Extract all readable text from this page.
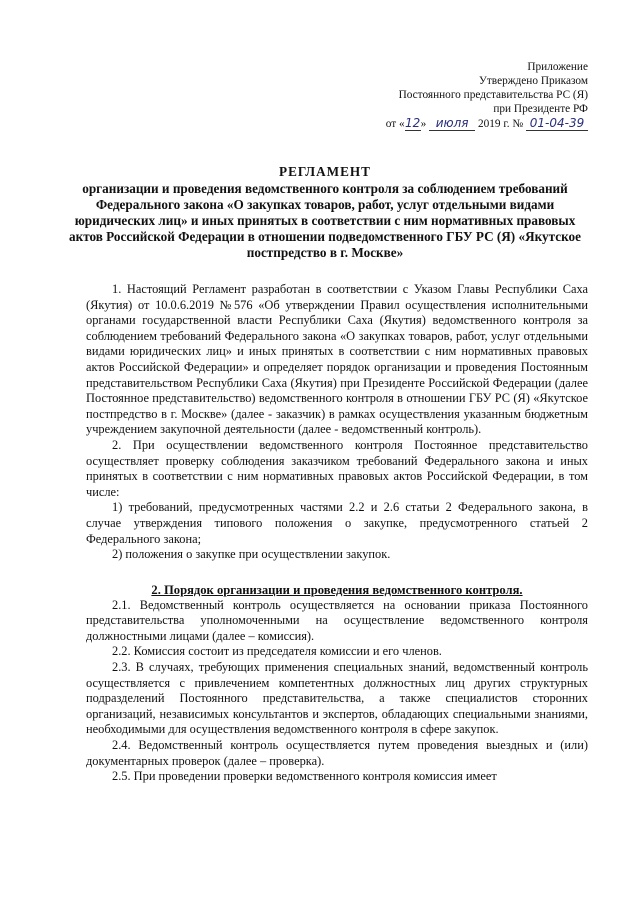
Приложение
Утверждено Приказом
Постоянного представительства РС (Я)
при Президенте РФ
от «12» июля 2019 г. № 01-04-39
РЕГЛАМЕНТ
организации и проведения ведомственного контроля за соблюдением требований Федерального закона «О закупках товаров, работ, услуг отдельными видами юридических лиц» и иных принятых в соответствии с ним нормативных правовых актов Российской Федерации в отношении подведомственного ГБУ РС (Я) «Якутское постпредство в г. Москве»

1. Настоящий Регламент разработан в соответствии с Указом Главы Республики Саха (Якутия) от 10.0.6.2019 №576 «Об утверждении Правил осуществления исполнительными органами государственной власти Республики Саха (Якутия) ведомственного контроля за соблюдением требований Федерального закона «О закупках товаров, работ, услуг отдельными видами юридических лиц» и иных принятых в соответствии с ним нормативных правовых актов Российской Федерации» и определяет порядок организации и проведения Постоянным представительством Республики Саха (Якутия) при Президенте Российской Федерации (далее Постоянное представительство) ведомственного контроля в отношении ГБУ РС (Я) «Якутское постпредство в г. Москве» (далее - заказчик) в рамках осуществления указанным бюджетным учреждением закупочной деятельности (далее - ведомственный контроль).

2. При осуществлении ведомственного контроля Постоянное представительство осуществляет проверку соблюдения заказчиком требований Федерального закона и иных принятых в соответствии с ним нормативных правовых актов Российской Федерации, в том числе:

1) требований, предусмотренных частями 2.2 и 2.6 статьи 2 Федерального закона, в случае утверждения типового положения о закупке, предусмотренного статьей 2 Федерального закона;

2) положения о закупке при осуществлении закупок.

2. Порядок организации и проведения ведомственного контроля.

2.1. Ведомственный контроль осуществляется на основании приказа Постоянного представительства уполномоченными на осуществление ведомственного контроля должностными лицами (далее – комиссия).

2.2. Комиссия состоит из председателя комиссии и его членов.

2.3. В случаях, требующих применения специальных знаний, ведомственный контроль осуществляется с привлечением компетентных должностных лиц других структурных подразделений Постоянного представительства, а также специалистов сторонних организаций, независимых консультантов и экспертов, обладающих специальными знаниями, необходимыми для осуществления ведомственного контроля в сфере закупок.

2.4. Ведомственный контроль осуществляется путем проведения выездных и (или) документарных проверок (далее – проверка).

2.5. При проведении проверки ведомственного контроля комиссия имеет
